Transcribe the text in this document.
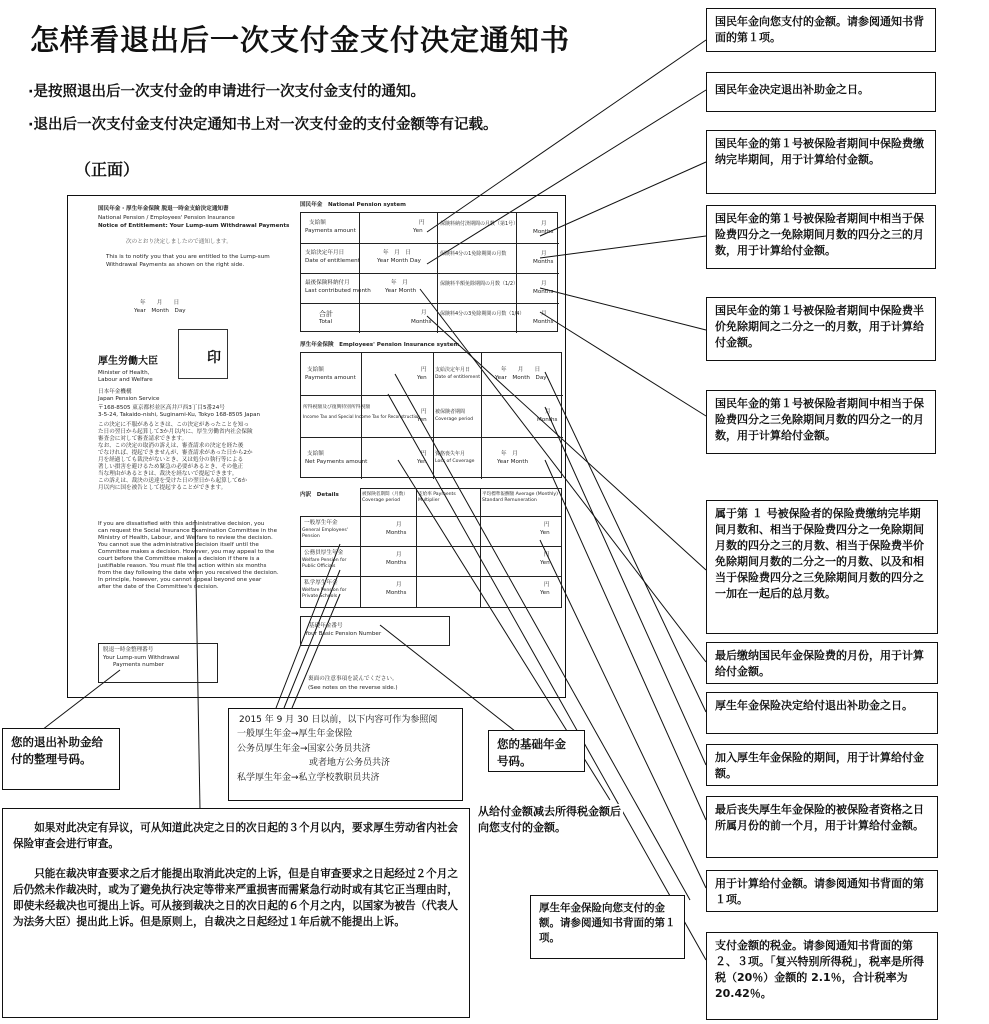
怎样看退出后一次支付金支付决定通知书
·是按照退出后一次支付金的申请进行一次支付金支付的通知。
·退出后一次支付金支付决定通知书上对一次支付金的支付金额等有记载。
（正面）
国民年金・厚生年金保険 脱退一時金支給決定通知書
National Pension / Employees' Pension Insurance
Notice of Entitlement: Your Lump-sum Withdrawal Payments
次のとおり決定しましたので通知します。
This is to notify you that you are entitled to the Lump-sum
Withdrawal Payments as shown on the right side.
年　　月　　日
Year　Month　Day
厚生労働大臣	印
Minister of Health,
Labour and Welfare
日本年金機構
Japan Pension Service
〒168-8505 東京都杉並区高井戸西3丁目5番24号
3-5-24, Takaido-nishi, Suginami-Ku, Tokyo 168-8505 Japan
この決定に不服があるときは、この決定があったことを知っ
た日の翌日から起算して3か月以内に、厚生労働省内社会保険
審査会に対して審査請求できます。
なお、この決定の取消の訴えは、審査請求の決定を経た後
でなければ、提起できませんが、審査請求があった日から2か
月を経過しても裁決がないとき、又は処分の執行等による
著しい損害を避けるため緊急の必要があるとき、その他正
当な理由があるときは、裁決を経ないで提起できます。
この訴えは、裁決の送達を受けた日の翌日から起算して6か
月以内に国を被告として提起することができます。
If you are dissatisfied with this administrative decision, you
can request the Social Insurance Examination Committee in the
Ministry of Health, Labour, and Welfare to review the decision.
You cannot sue the administrative decision itself until the
Committee makes a decision. However, you may appeal to the
court before the Committee makes a decision if there is a
justifiable reason. You must file the action within six months
from the day following the date when you received the decision.
In principle, however, you cannot appeal beyond one year
after the date of the Committee's decision.
脱退一時金整理番号
Your Lump-sum Withdrawal
Payments number
国民年金　National Pension system
支給額
Payments amount
円
Yen
支給決定年月日
Date of entitlement
年　月　日
Year Month Day
最後保険料納付月
Last contributed month
年　月
Year Month
合計
Total
月
Months
保険料納付済期間の月数（第1号）
保険料4分の1免除期間の月数
保険料半額免除期間の月数（1/2）
保険料4分の3免除期間の月数（1/4）
月
Months
月
Months
月
Months
月
Months
厚生年金保険　Employees' Pension Insurance system
支給額
Payments amount
所得税額及び復興特別所得税額
Income Tax and Special Income Tax for Reconstruction
支給額
Net Payments amount
円
Yen
円
Yen
円
Yen
支給決定年月日
Date of entitlement
被保険者期間
Coverage period
資格喪失年月
Loss of Coverage
年　　月　　日
Year　Month　Day
月
Months
年　月
Year Month
内訳　Details	被保険者期間（月数）Coverage period
支給率 Payments Multiplier
平均標準報酬額 Average (Monthly) Standard Remuneration
一般厚生年金
General Employees' Pension
公務員厚生年金
Welfare Pension for Public Officials
私学厚生年金
Welfare Pension for Private Schools
月
Months
月
Months
月
Months
円
Yen
円
Yen
円
Yen
基礎年金番号
Your Basic Pension Number
裏面の注意事項を読んでください。
(See notes on the reverse side.)
国民年金向您支付的金额。请参阅通知书背面的第１项。
国民年金决定退出补助金之日。
国民年金的第１号被保险者期间中保险费缴纳完毕期间，用于计算给付金额。
国民年金的第１号被保险者期间中相当于保险费四分之一免除期间月数的四分之三的月数，用于计算给付金额。
国民年金的第１号被保险者期间中保险费半价免除期间之二分之一的月数，用于计算给付金额。
国民年金的第１号被保险者期间中相当于保险费四分之三免除期间月数的四分之一的月数，用于计算给付金额。
属于第 １ 号被保险者的保险费缴纳完毕期间月数和、相当于保险费四分之一免除期间月数的四分之三的月数、相当于保险费半价免除期间月数的二分之一的月数、以及和相当于保险费四分之三免除期间月数的四分之一加在一起后的总月数。
最后缴纳国民年金保险费的月份，用于计算给付金额。
厚生年金保险决定给付退出补助金之日。
加入厚生年金保险的期间，用于计算给付金额。
最后丧失厚生年金保险的被保险者资格之日所属月份的前一个月，用于计算给付金额。
用于计算给付金额。请参阅通知书背面的第１项。
支付金额的税金。请参阅通知书背面的第２、３项。「复兴特别所得税」，税率是所得税（20％）金额的 2.1％，合计税率为 20.42％。
您的退出补助金给付的整理号码。
2015 年 9 月 30 日以前，以下内容可作为参照阅
一般厚生年金→厚生年金保险
公务员厚生年金→国家公务员共济
或者地方公务员共济
私学厚生年金→私立学校教职员共济
您的基础年金号码。
从给付金额减去所得税金额后向您支付的金额。
厚生年金保险向您支付的金额。请参阅通知书背面的第１项。
如果对此决定有异议，可从知道此决定之日的次日起的３个月以内，要求厚生劳动省内社会保险审查会进行审查。
只能在裁决审查要求之后才能提出取消此决定的上诉，但是自审查要求之日起经过２个月之后仍然未作裁决时，或为了避免执行决定等带来严重损害而需紧急行动时或有其它正当理由时，即使未经裁决也可提出上诉。可从接到裁决之日的次日起的６个月之内，以国家为被告（代表人为法务大臣）提出此上诉。但是原则上，自裁决之日起经过１年后就不能提出上诉。
